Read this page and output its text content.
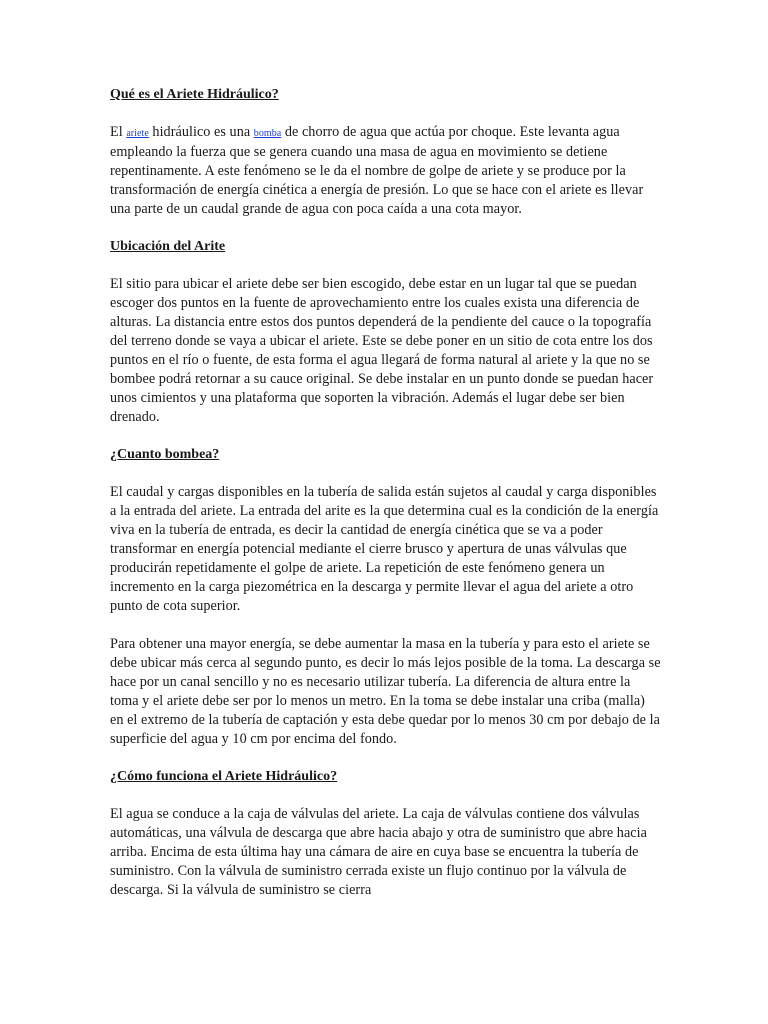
Qué es el Ariete Hidráulico?

El ariete hidráulico es una bomba de chorro de agua que actúa por choque. Este levanta agua empleando la fuerza que se genera cuando una masa de agua en movimiento se detiene repentinamente. A este fenómeno se le da el nombre de golpe de ariete y se produce por la transformación de energía cinética a energía de presión. Lo que se hace con el ariete es llevar una parte de un caudal grande de agua con poca caída a una cota mayor.

Ubicación del Arite

El sitio para ubicar el ariete debe ser bien escogido, debe estar en un lugar tal que se puedan escoger dos puntos en la fuente de aprovechamiento entre los cuales exista una diferencia de alturas. La distancia entre estos dos puntos dependerá de la pendiente del cauce o la topografía del terreno donde se vaya a ubicar el ariete. Este se debe poner en un sitio de cota entre los dos puntos en el río o fuente, de esta forma el agua llegará de forma natural al ariete y la que no se bombee podrá retornar a su cauce original. Se debe instalar en un punto donde se puedan hacer unos cimientos y una plataforma que soporten la vibración. Además el lugar debe ser bien drenado.

¿Cuanto bombea?

El caudal y cargas disponibles en la tubería de salida están sujetos al caudal y carga disponibles a la entrada del ariete. La entrada del arite es la que determina cual es la condición de la energía viva en la tubería de entrada, es decir la cantidad de energía cinética que se va a poder transformar en energía potencial mediante el cierre brusco y apertura de unas válvulas que producirán repetidamente el golpe de ariete. La repetición de este fenómeno genera un incremento en la carga piezométrica en la descarga y permite llevar el agua del ariete a otro punto de cota superior.

Para obtener una mayor energía, se debe aumentar la masa en la tubería y para esto el ariete se debe ubicar más cerca al segundo punto, es decir lo más lejos posible de la toma. La descarga se hace por un canal sencillo y no es necesario utilizar tubería. La diferencia de altura entre la toma y el ariete debe ser por lo menos un metro. En la toma se debe instalar una criba (malla) en el extremo de la tubería de captación y esta debe quedar por lo menos 30 cm por debajo de la superficie del agua y 10 cm por encima del fondo.

¿Cómo funciona el Ariete Hidráulico?

El agua se conduce a la caja de válvulas del ariete. La caja de válvulas contiene dos válvulas automáticas, una válvula de descarga que abre hacia abajo y otra de suministro que abre hacia arriba. Encima de esta última hay una cámara de aire en cuya base se encuentra la tubería de suministro. Con la válvula de suministro cerrada existe un flujo continuo por la válvula de descarga. Si la válvula de suministro se cierra
